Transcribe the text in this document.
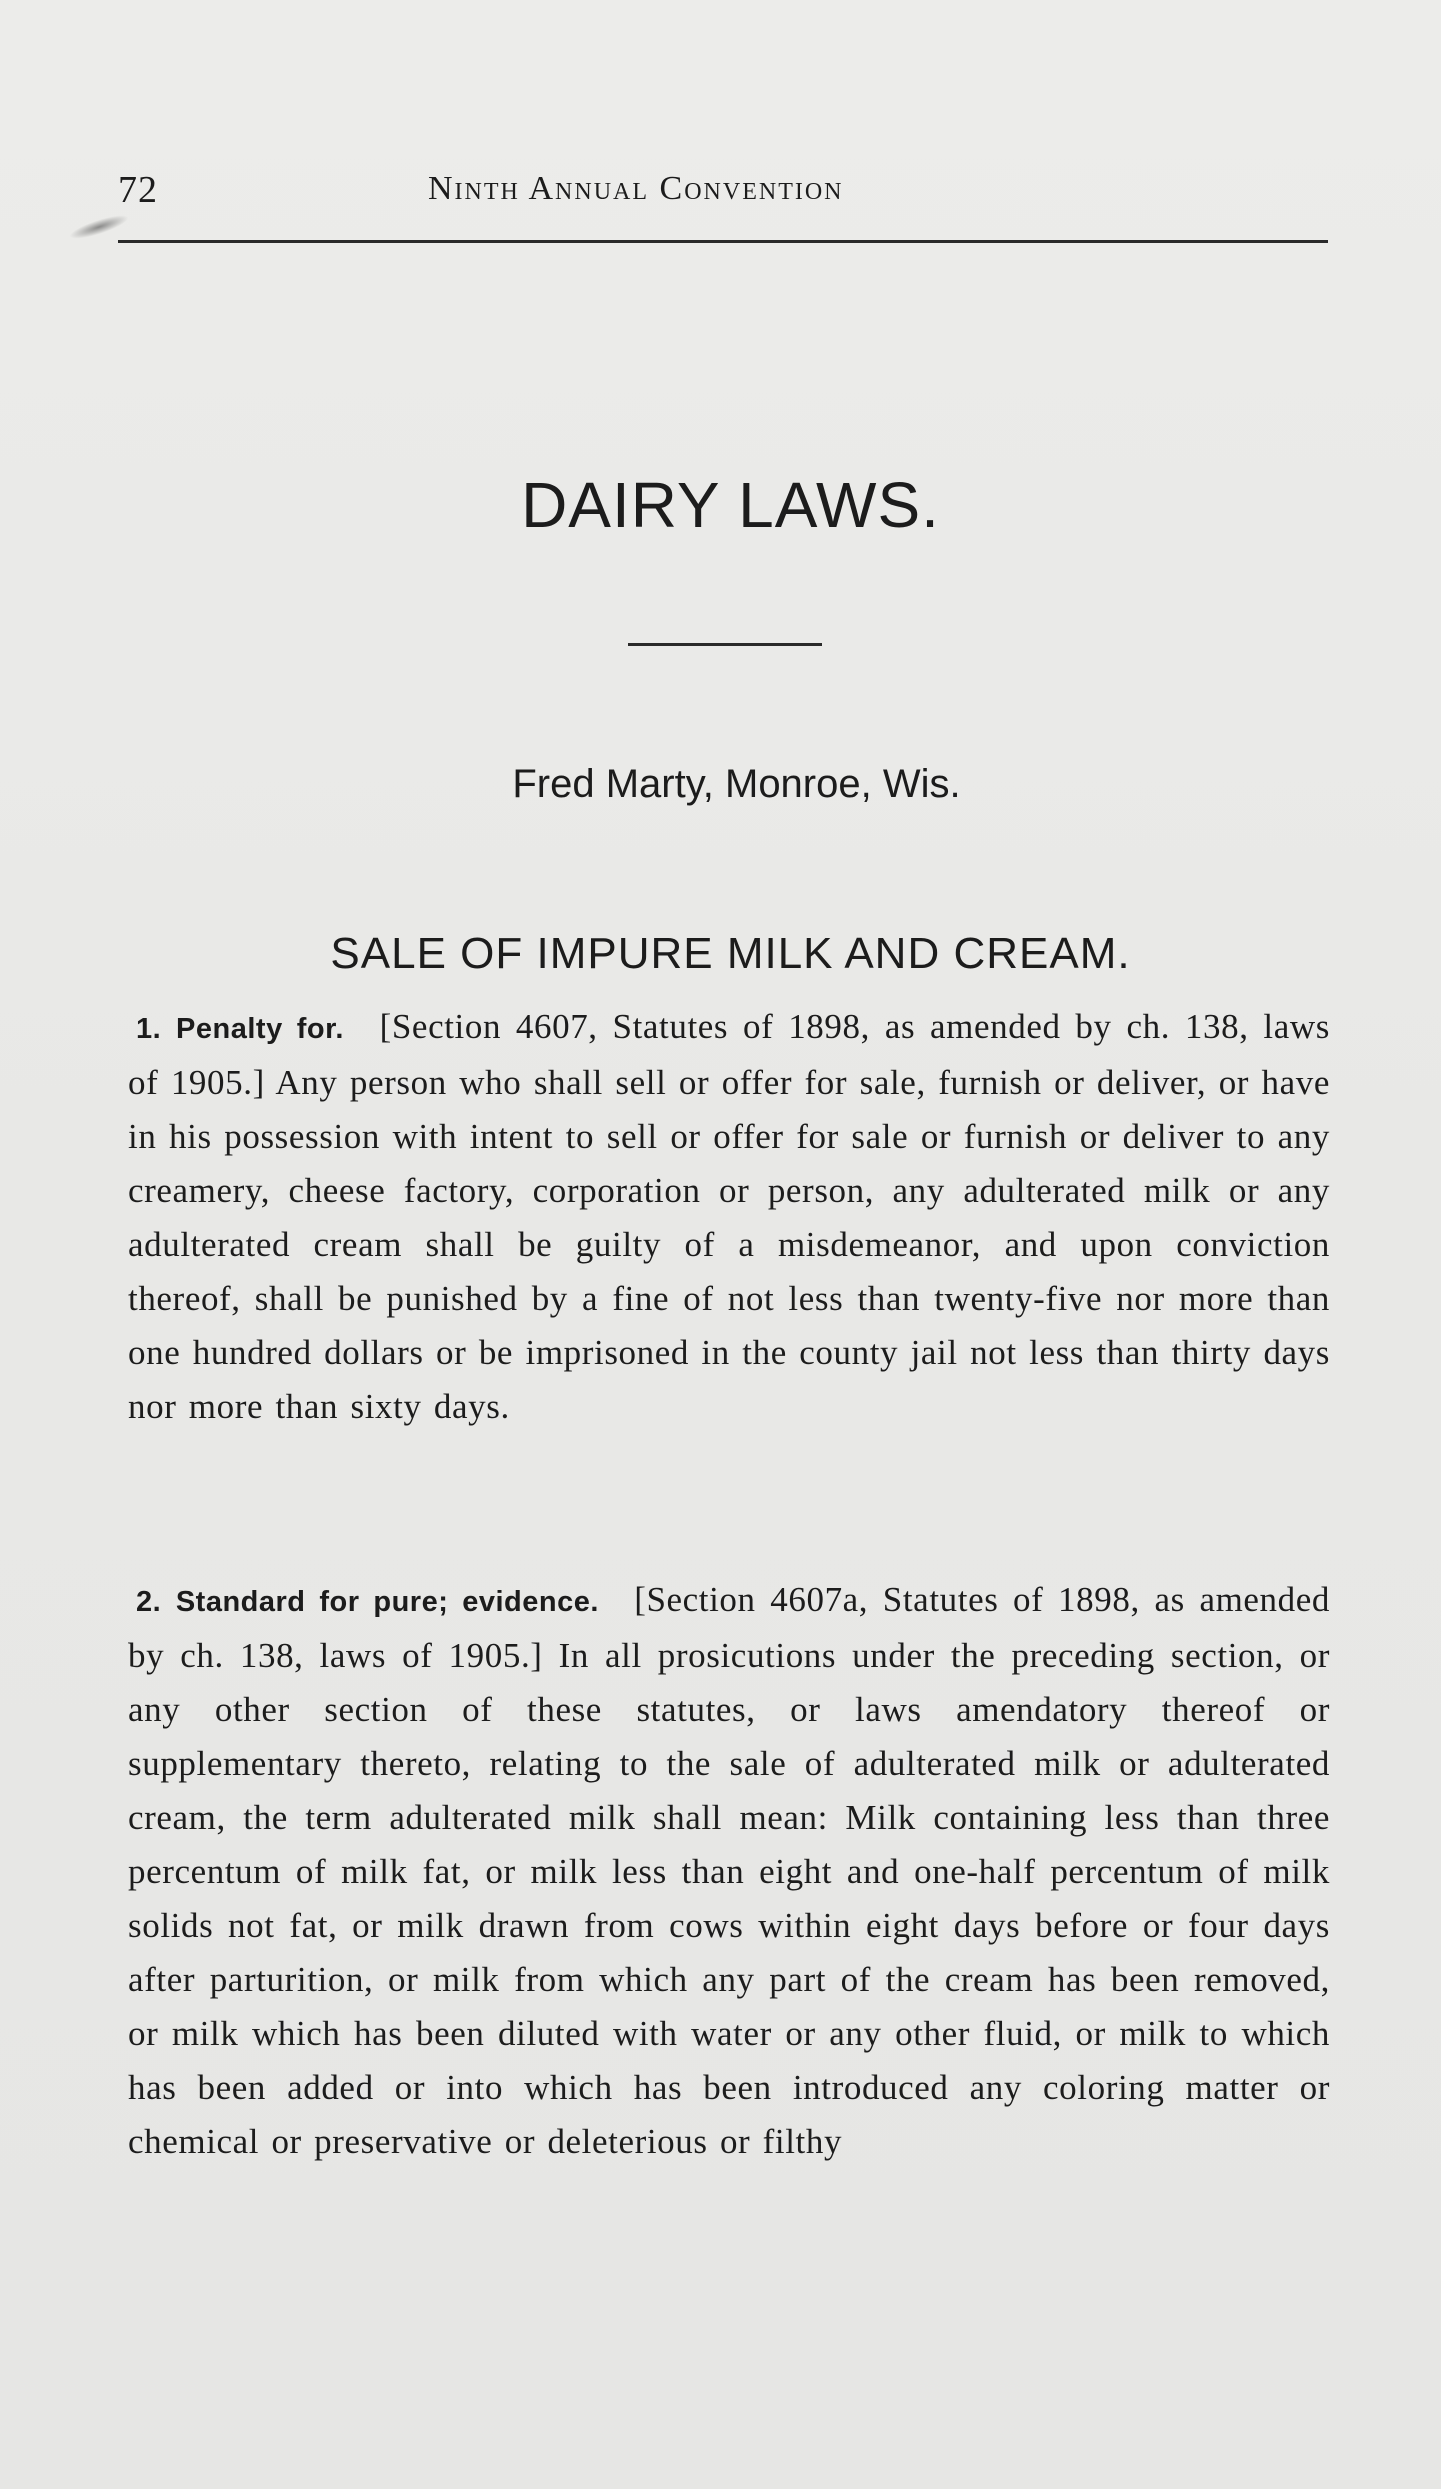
72	Ninth Annual Convention
DAIRY LAWS.
Fred Marty, Monroe, Wis.
SALE OF IMPURE MILK AND CREAM.

1. Penalty for. [Section 4607, Statutes of 1898, as amended by ch. 138, laws of 1905.] Any person who shall sell or offer for sale, furnish or deliver, or have in his possession with intent to sell or offer for sale or furnish or deliver to any creamery, cheese factory, corporation or person, any adulterated milk or any adulterated cream shall be guilty of a misdemeanor, and upon conviction thereof, shall be punished by a fine of not less than twenty-five nor more than one hundred dollars or be imprisoned in the county jail not less than thirty days nor more than sixty days.

2. Standard for pure; evidence. [Section 4607a, Statutes of 1898, as amended by ch. 138, laws of 1905.] In all prosicutions under the preceding section, or any other section of these statutes, or laws amendatory thereof or supplementary thereto, relating to the sale of adulterated milk or adulterated cream, the term adulterated milk shall mean: Milk containing less than three percentum of milk fat, or milk less than eight and one-half percentum of milk solids not fat, or milk drawn from cows within eight days before or four days after parturition, or milk from which any part of the cream has been removed, or milk which has been diluted with water or any other fluid, or milk to which has been added or into which has been introduced any coloring matter or chemical or preservative or deleterious or filthy
